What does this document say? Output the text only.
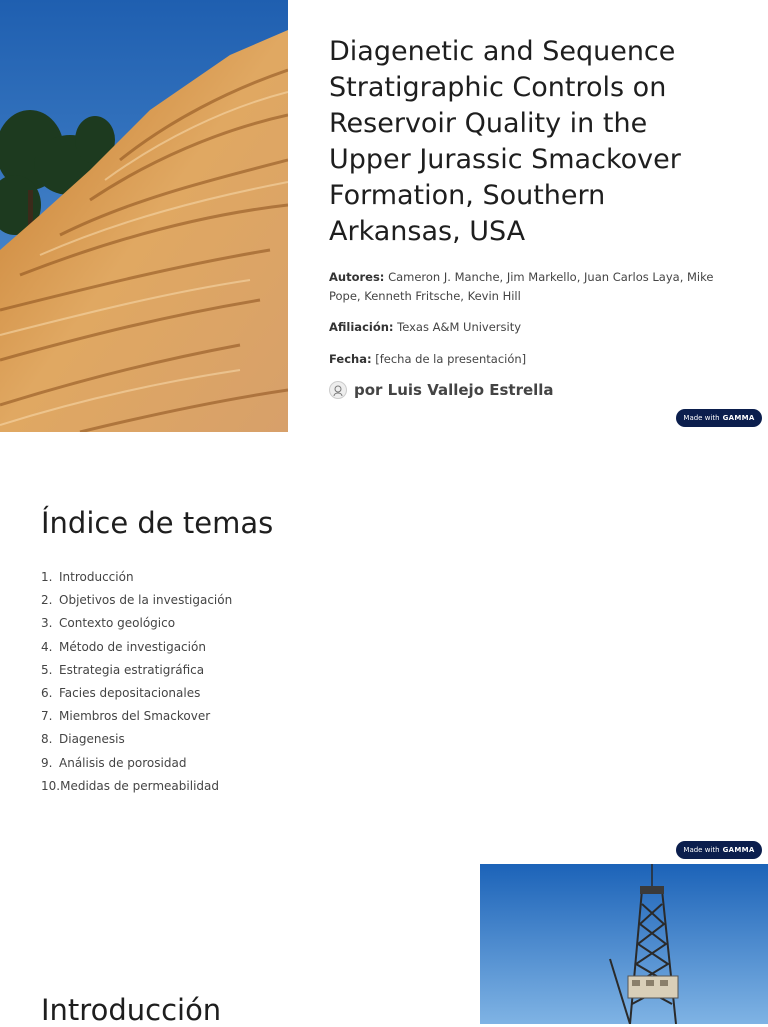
Diagenetic and Sequence Stratigraphic Controls on Reservoir Quality in the Upper Jurassic Smackover Formation, Southern Arkansas, USA

Autores: Cameron J. Manche, Jim Markello, Juan Carlos Laya, Mike Pope, Kenneth Fritsche, Kevin Hill

Afiliación: Texas A&M University

Fecha: [fecha de la presentación]

por Luis Vallejo Estrella
Made with GAMMA
Índice de temas
1. Introducción
2. Objetivos de la investigación
3. Contexto geológico
4. Método de investigación
5. Estrategia estratigráfica
6. Facies depositacionales
7. Miembros del Smackover
8. Diagenesis
9. Análisis de porosidad
10. Medidas de permeabilidad
Made with GAMMA
Introducción
